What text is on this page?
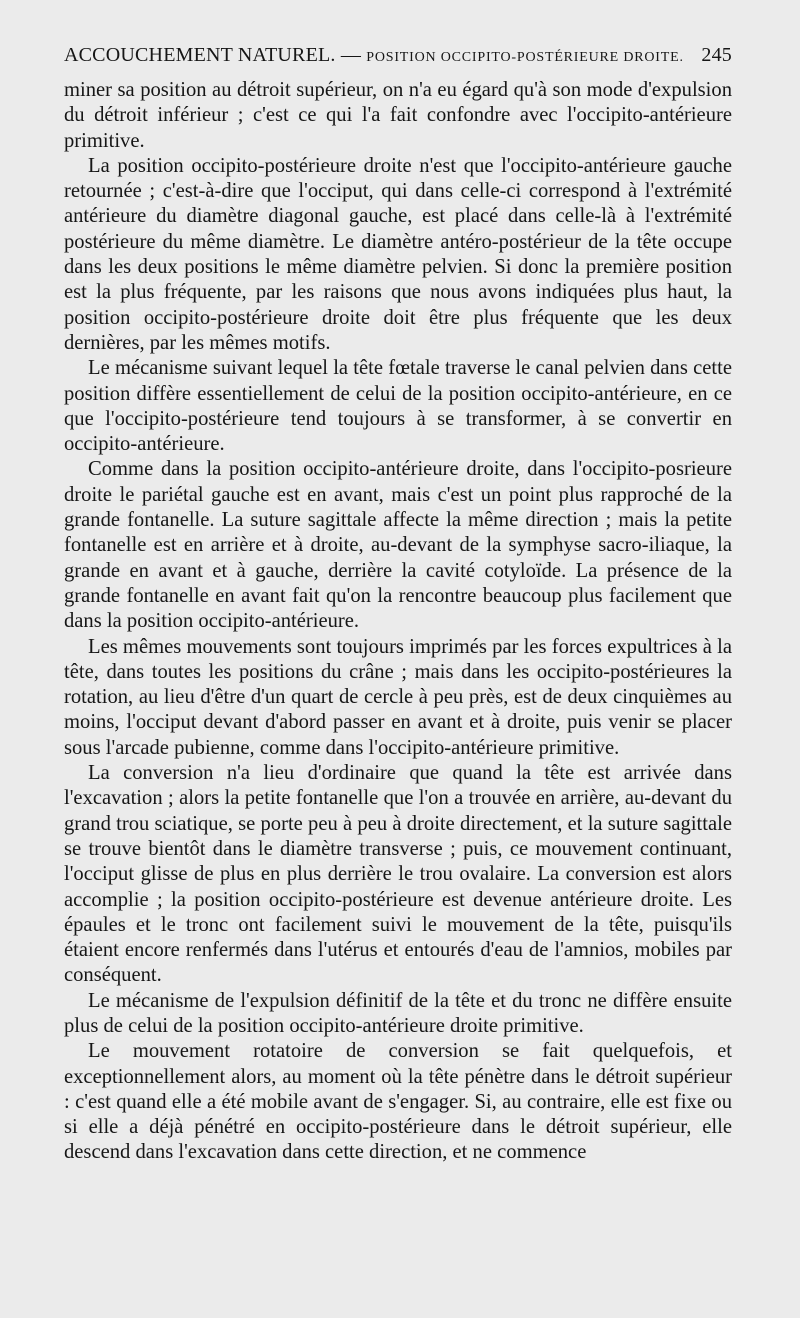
ACCOUCHEMENT NATUREL. — POSITION OCCIPITO-POSTÉRIEURE DROITE. 245

miner sa position au détroit supérieur, on n'a eu égard qu'à son mode d'expulsion du détroit inférieur ; c'est ce qui l'a fait confondre avec l'occipito-antérieure primitive.

La position occipito-postérieure droite n'est que l'occipito-antérieure gauche retournée ; c'est-à-dire que l'occiput, qui dans celle-ci correspond à l'extrémité antérieure du diamètre diagonal gauche, est placé dans celle-là à l'extrémité postérieure du même diamètre. Le diamètre antéro-postérieur de la tête occupe dans les deux positions le même diamètre pelvien. Si donc la première position est la plus fréquente, par les raisons que nous avons indiquées plus haut, la position occipito-postérieure droite doit être plus fréquente que les deux dernières, par les mêmes motifs.

Le mécanisme suivant lequel la tête fœtale traverse le canal pelvien dans cette position diffère essentiellement de celui de la position occipito-antérieure, en ce que l'occipito-postérieure tend toujours à se transformer, à se convertir en occipito-antérieure.

Comme dans la position occipito-antérieure droite, dans l'occipito-posrieure droite le pariétal gauche est en avant, mais c'est un point plus rapproché de la grande fontanelle. La suture sagittale affecte la même direction ; mais la petite fontanelle est en arrière et à droite, au-devant de la symphyse sacro-iliaque, la grande en avant et à gauche, derrière la cavité cotyloïde. La présence de la grande fontanelle en avant fait qu'on la rencontre beaucoup plus facilement que dans la position occipito-antérieure.

Les mêmes mouvements sont toujours imprimés par les forces expultrices à la tête, dans toutes les positions du crâne ; mais dans les occipito-postérieures la rotation, au lieu d'être d'un quart de cercle à peu près, est de deux cinquièmes au moins, l'occiput devant d'abord passer en avant et à droite, puis venir se placer sous l'arcade pubienne, comme dans l'occipito-antérieure primitive.

La conversion n'a lieu d'ordinaire que quand la tête est arrivée dans l'excavation ; alors la petite fontanelle que l'on a trouvée en arrière, au-devant du grand trou sciatique, se porte peu à peu à droite directement, et la suture sagittale se trouve bientôt dans le diamètre transverse ; puis, ce mouvement continuant, l'occiput glisse de plus en plus derrière le trou ovalaire. La conversion est alors accomplie ; la position occipito-postérieure est devenue antérieure droite. Les épaules et le tronc ont facilement suivi le mouvement de la tête, puisqu'ils étaient encore renfermés dans l'utérus et entourés d'eau de l'amnios, mobiles par conséquent.

Le mécanisme de l'expulsion définitif de la tête et du tronc ne diffère ensuite plus de celui de la position occipito-antérieure droite primitive.

Le mouvement rotatoire de conversion se fait quelquefois, et exceptionnellement alors, au moment où la tête pénètre dans le détroit supérieur : c'est quand elle a été mobile avant de s'engager. Si, au contraire, elle est fixe ou si elle a déjà pénétré en occipito-postérieure dans le détroit supérieur, elle descend dans l'excavation dans cette direction, et ne commence
